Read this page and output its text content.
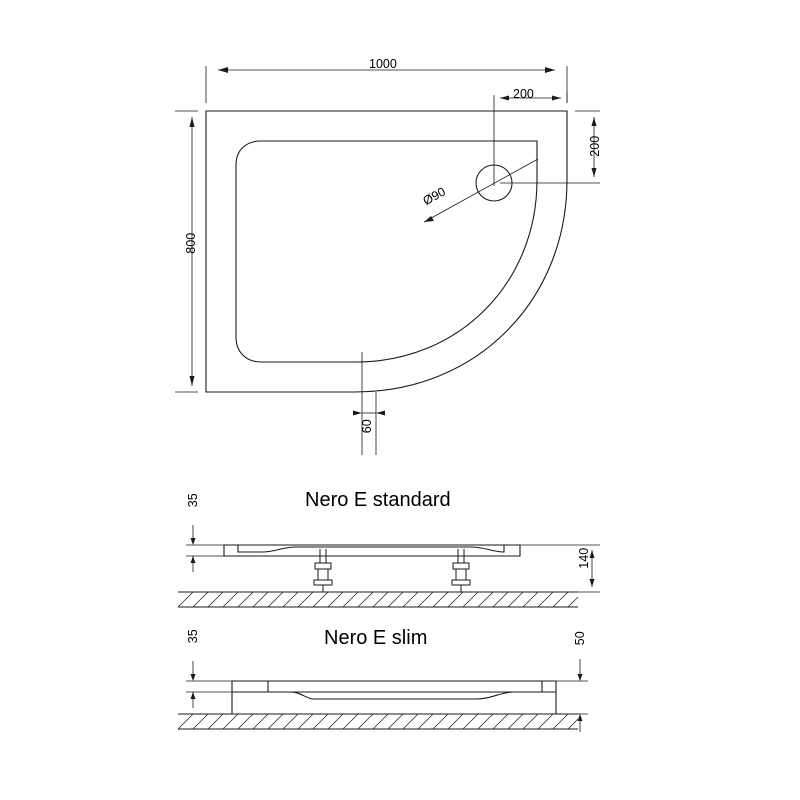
1000
200
200
800
Ø90
60
Nero E standard
35
140
Nero E slim
35	50
